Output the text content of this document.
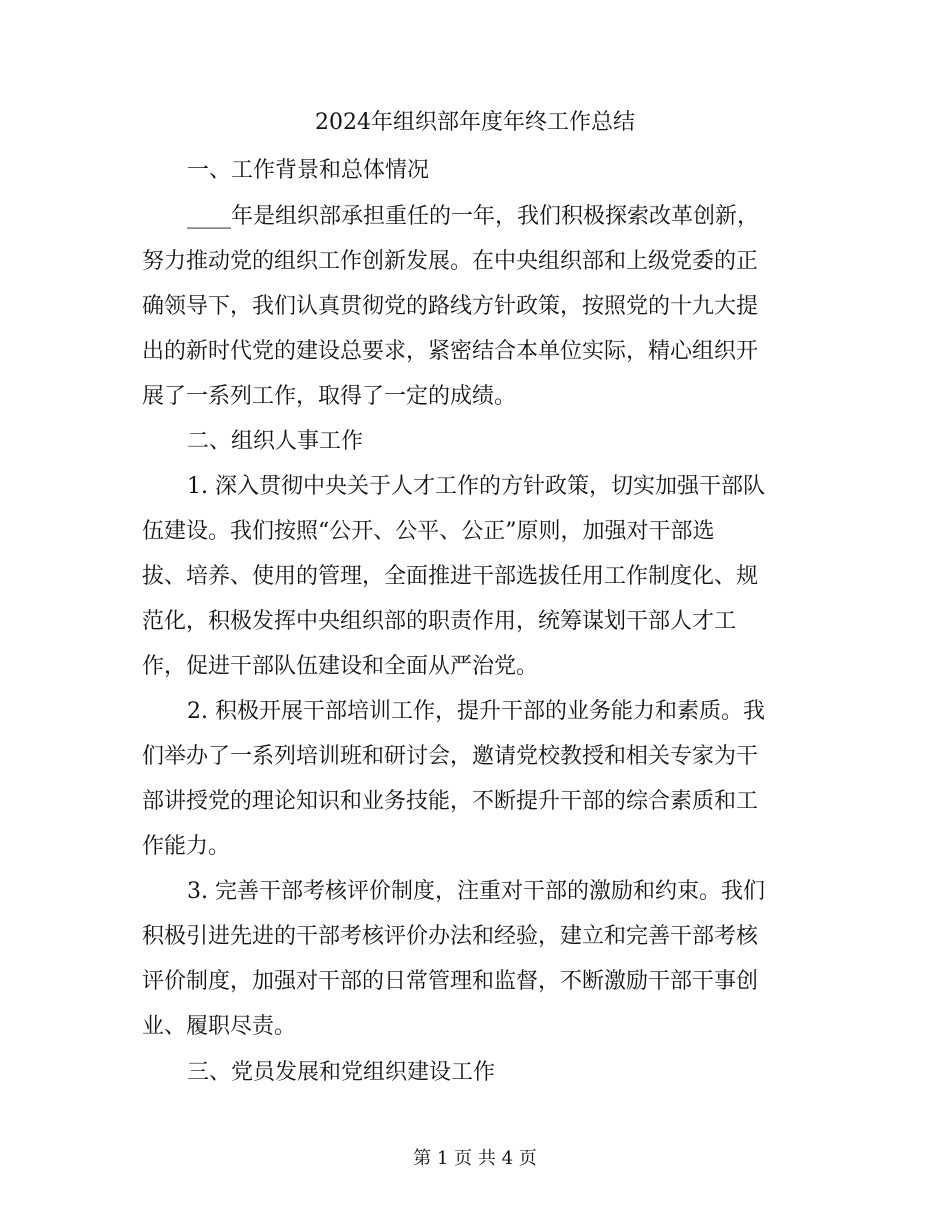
2024年组织部年度年终工作总结
一、工作背景和总体情况
____年是组织部承担重任的一年，我们积极探索改革创新，
努力推动党的组织工作创新发展。在中央组织部和上级党委的正
确领导下，我们认真贯彻党的路线方针政策，按照党的十九大提
出的新时代党的建设总要求，紧密结合本单位实际，精心组织开
展了一系列工作，取得了一定的成绩。
二、组织人事工作
1. 深入贯彻中央关于人才工作的方针政策，切实加强干部队
伍建设。我们按照“公开、公平、公正”原则，加强对干部选
拔、培养、使用的管理，全面推进干部选拔任用工作制度化、规
范化，积极发挥中央组织部的职责作用，统筹谋划干部人才工
作，促进干部队伍建设和全面从严治党。
2. 积极开展干部培训工作，提升干部的业务能力和素质。我
们举办了一系列培训班和研讨会，邀请党校教授和相关专家为干
部讲授党的理论知识和业务技能，不断提升干部的综合素质和工
作能力。
3. 完善干部考核评价制度，注重对干部的激励和约束。我们
积极引进先进的干部考核评价办法和经验，建立和完善干部考核
评价制度，加强对干部的日常管理和监督，不断激励干部干事创
业、履职尽责。
三、党员发展和党组织建设工作
第 1 页 共 4 页
